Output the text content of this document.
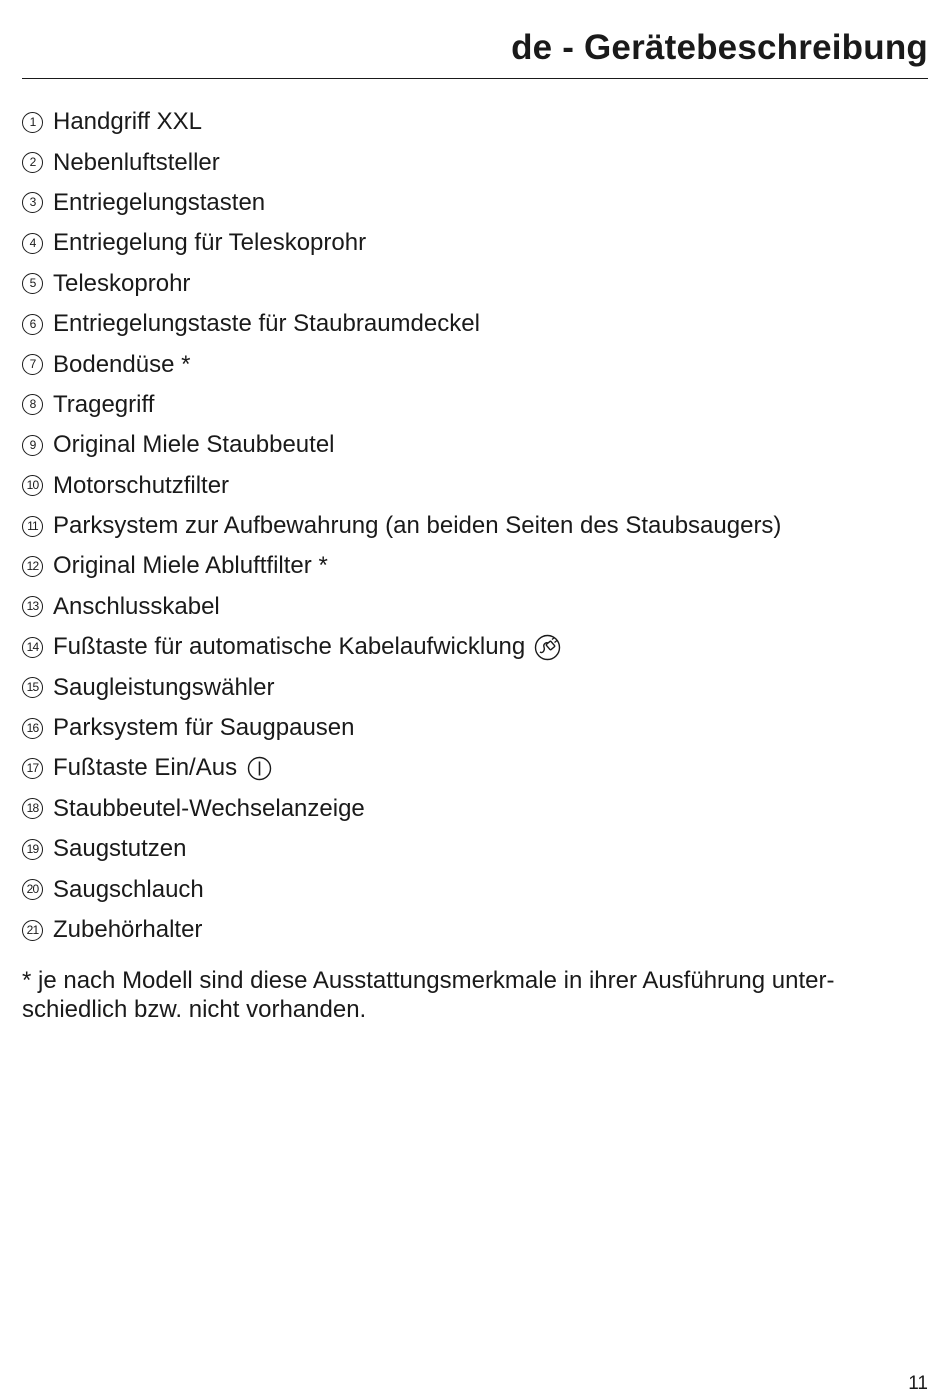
de - Gerätebeschreibung
1 Handgriff XXL
2 Nebenluftsteller
3 Entriegelungstasten
4 Entriegelung für Teleskoprohr
5 Teleskoprohr
6 Entriegelungstaste für Staubraumdeckel
7 Bodendüse *
8 Tragegriff
9 Original Miele Staubbeutel
10 Motorschutzfilter
11 Parksystem zur Aufbewahrung (an beiden Seiten des Staubsaugers)
12 Original Miele Abluftfilter *
13 Anschlusskabel
14 Fußtaste für automatische Kabelaufwicklung
15 Saugleistungswähler
16 Parksystem für Saugpausen
17 Fußtaste Ein/Aus
18 Staubbeutel-Wechselanzeige
19 Saugstutzen
20 Saugschlauch
21 Zubehörhalter
* je nach Modell sind diese Ausstattungsmerkmale in ihrer Ausführung unter-
schiedlich bzw. nicht vorhanden.
11
